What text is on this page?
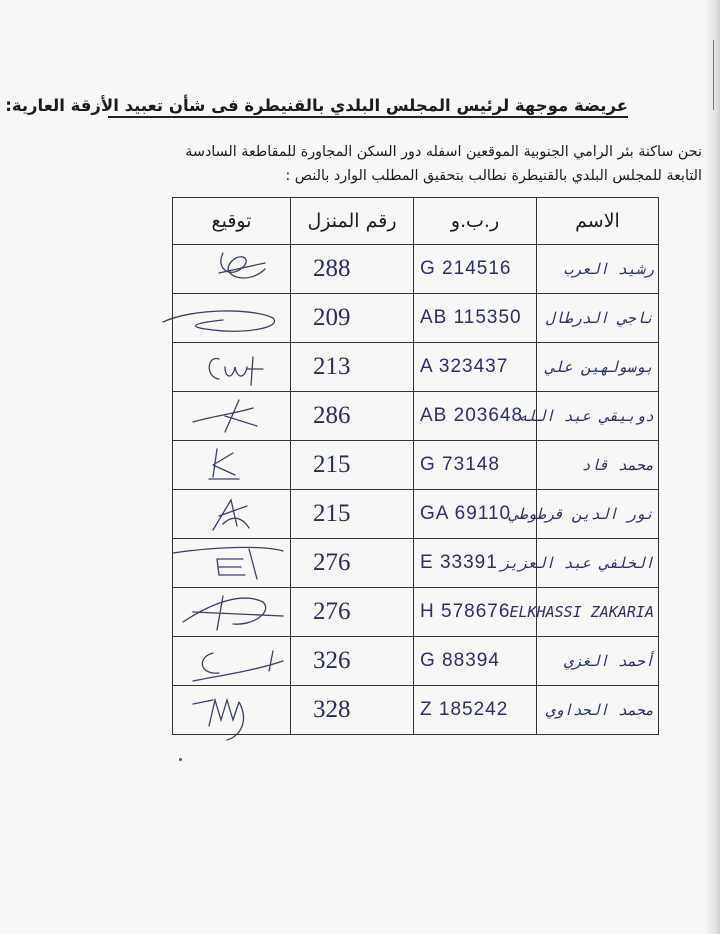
عريضة موجهة لرئيس المجلس البلدي بالقنيطرة فى شأن تعبيد الأزقة العارية:
نحن ساكنة بئر الرامي الجنوبية الموقعين اسفله دور السكن المجاورة للمقاطعة السادسة
التابعة للمجلس البلدي بالقنيطرة نطالب بتحقيق المطلب الوارد بالنص :
الاسم	ر.ب.و	رقم المنزل	توقيع

رشيد العرب	G 214516	288

ناجي الدرطال	AB 115350	209

بوسولهين علي	A 323437	213

دوبيقي عبد الله	AB 203648	286

محمد قاد	G 73148	215

نور الدين قرطوطي	GA 69110	215

الخلفي عبد العزيز	E 33391	276

ELKHASSI ZAKARIA	H 578676	276

أحمد الغزي	G 88394	326

محمد الحداوي	Z 185242	328
